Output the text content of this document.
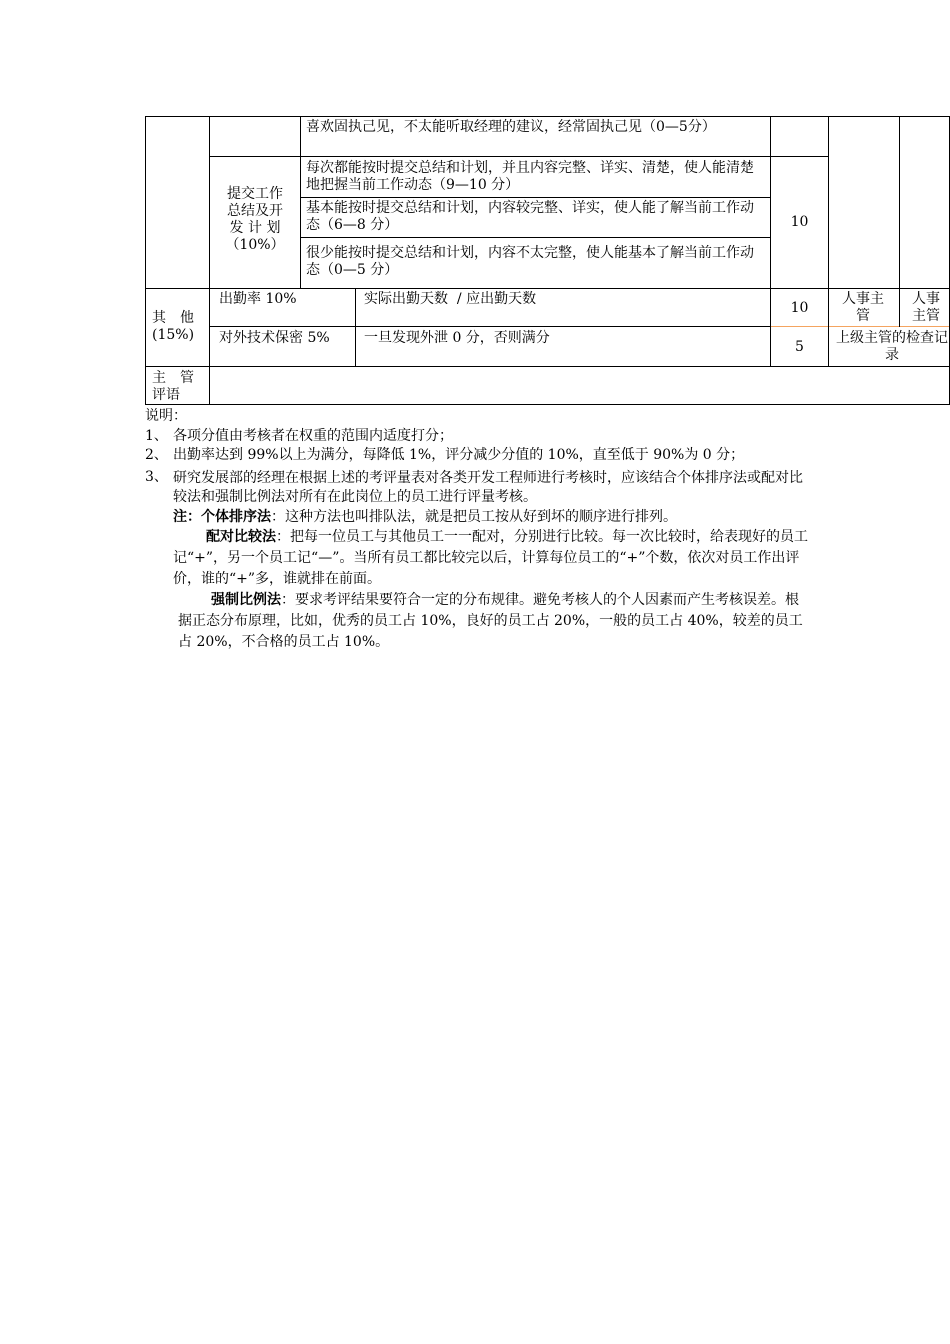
喜欢固执己见，不太能听取经理的建议，经常固执己见（0—5分）
提交工作
总结及开
发 计 划
（10%）
每次都能按时提交总结和计划，并且内容完整、详实、清楚，使人能清楚地把握当前工作动态（9—10 分）
基本能按时提交总结和计划，内容较完整、详实，使人能了解当前工作动态（6—8 分）
很少能按时提交总结和计划，内容不太完整，使人能基本了解当前工作动态（0—5 分）
10
其　他
(15%)
出勤率 10%	实际出勤天数  / 应出勤天数
10
人事主管
人事主管
对外技术保密 5% 一旦发现外泄 0 分，否则满分
5
上级主管的检查记录
主　管
评语
说明：
1、 各项分值由考核者在权重的范围内适度打分；
2、 出勤率达到 99%以上为满分，每降低 1%，评分减少分值的 10%，直至低于 90%为 0 分；
3、 研究发展部的经理在根据上述的考评量表对各类开发工程师进行考核时，应该结合个体排序法或配对比较法和强制比例法对所有在此岗位上的员工进行评量考核。
注：个体排序法：这种方法也叫排队法，就是把员工按从好到坏的顺序进行排列。
配对比较法：把每一位员工与其他员工一一配对，分别进行比较。每一次比较时，给表现好的员工记“+”，另一个员工记“—”。当所有员工都比较完以后，计算每位员工的“+”个数，依次对员工作出评价，谁的“+”多，谁就排在前面。
强制比例法：要求考评结果要符合一定的分布规律。避免考核人的个人因素而产生考核误差。根据正态分布原理，比如，优秀的员工占 10%，良好的员工占 20%，一般的员工占 40%，较差的员工占 20%，不合格的员工占 10%。
